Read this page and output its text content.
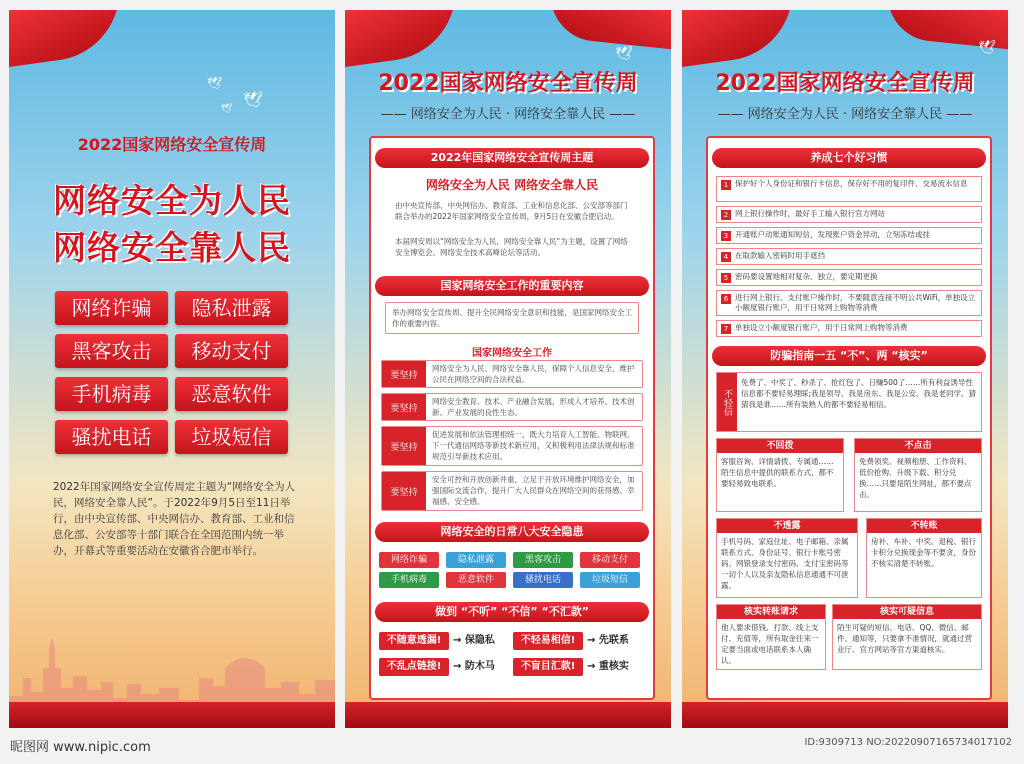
🕊
🕊
🕊
2022国家网络安全宣传周
网络安全为人民
网络安全靠人民
网络诈骗	隐私泄露
黑客攻击	移动支付
手机病毒	恶意软件
骚扰电话	垃圾短信
2022年国家网络安全宣传周定主题为“网络安全为人民，网络安全靠人民”。于2022年9月5日至11日举行，由中央宣传部、中央网信办、教育部、工业和信息化部、公安部等十部门联合在全国范围内统一举办，开幕式等重要活动在安徽省合肥市举行。
🕊
2022国家网络安全宣传周
—— 网络安全为人民 · 网络安全靠人民 ——
2022年国家网络安全宣传周主题
网络安全为人民 网络安全靠人民
由中央宣传部、中央网信办、教育部、工业和信息化部、公安部等部门联合举办的2022年国家网络安全宣传周，9月5日在安徽合肥启动。
本届网安周以“网络安全为人民，网络安全靠人民”为主题，设置了网络安全博览会、网络安全技术高峰论坛等活动。
国家网络安全工作的重要内容
举办网络安全宣传周、提升全民网络安全意识和技能，是国家网络安全工作的重要内容。
国家网络安全工作
要坚持
网络安全为人民、网络安全靠人民，保障个人信息安全，维护公民在网络空间的合法权益。
要坚持
网络安全教育、技术、产业融合发展，形成人才培养、技术创新、产业发展的良性生态。
要坚持
促进发展和依法管理相统一，既大力培育人工智能、物联网、下一代通信网络等新技术新应用，又积极利用法律法规和标准规范引导新技术应用。
要坚持
安全可控和开放创新并重，立足于开放环境维护网络安全，加强国际交流合作，提升广大人民群众在网络空间的获得感、幸福感、安全感。
网络安全的日常八大安全隐患
网络诈骗	隐私泄露	黑客攻击	移动支付
手机病毒	恶意软件	骚扰电话	垃圾短信
做到 “不听” “不信” “不汇款”
不随意透漏!	→ 保隐私	不轻易相信!	→ 先联系
不乱点链接!	→ 防木马	不盲目汇款!	→ 重核实
🕊
2022国家网络安全宣传周
—— 网络安全为人民 · 网络安全靠人民 ——
养成七个好习惯
1 保护好个人身份证和银行卡信息，保存好不用的复印件、交易流水信息
2 网上银行操作时，最好手工输入银行官方网站
3 开通账户动账通知短信，发现账户资金异动，立刻冻结或挂
4 在取款输入密码时用手遮挡
5 密码要设置地相对复杂、独立，要定期更换
6 进行网上银行、支付账户操作时，不要随意连接不明公共WiFi，单独设立小额度银行账户，用于日常网上购物等消费
7 单独设立小额度银行账户，用于日常网上购物等消费
防骗指南一五 “不”、两 “核实”
不轻信
免费了、中奖了、秒杀了、抢红包了、日赚500了……所有利益诱导性信息都不要轻易理睬;我是领导、我是房东、我是公安、我是老同学、猜猜我是谁……所有装熟人的都不要轻易相信。
不回拨
客服咨询、详情请拨、专属通……陌生信息中提供的联系方式，都不要轻易致电联系。
不点击
免费领奖、视频相册、工作资料、低价抢购、升级下载、积分兑换……只要是陌生网址，都不要点击。
不透露
手机号码、家庭住址、电子邮箱、亲属联系方式、身份证号、银行卡账号密码、网银登录支付密码、支付宝密码等一切个人以及亲友隐私信息通通不可泄露。
不转账
房补、车补、中奖、退税、银行卡积分兑换现金等不要贪，身份不核实清楚不转账。
核实转账请求
他人要求借钱、打款、线上支付、充值等，所有取金往来一定要当面或电话联系本人确认。
核实可疑信息
陌生可疑的短信、电话、QQ、微信、邮件、通知等，只要拿不准情况，就通过营业厅、官方网站等官方渠道核实。
昵图网 www.nipic.com	ID:9309713 NO:20220907165734017102
